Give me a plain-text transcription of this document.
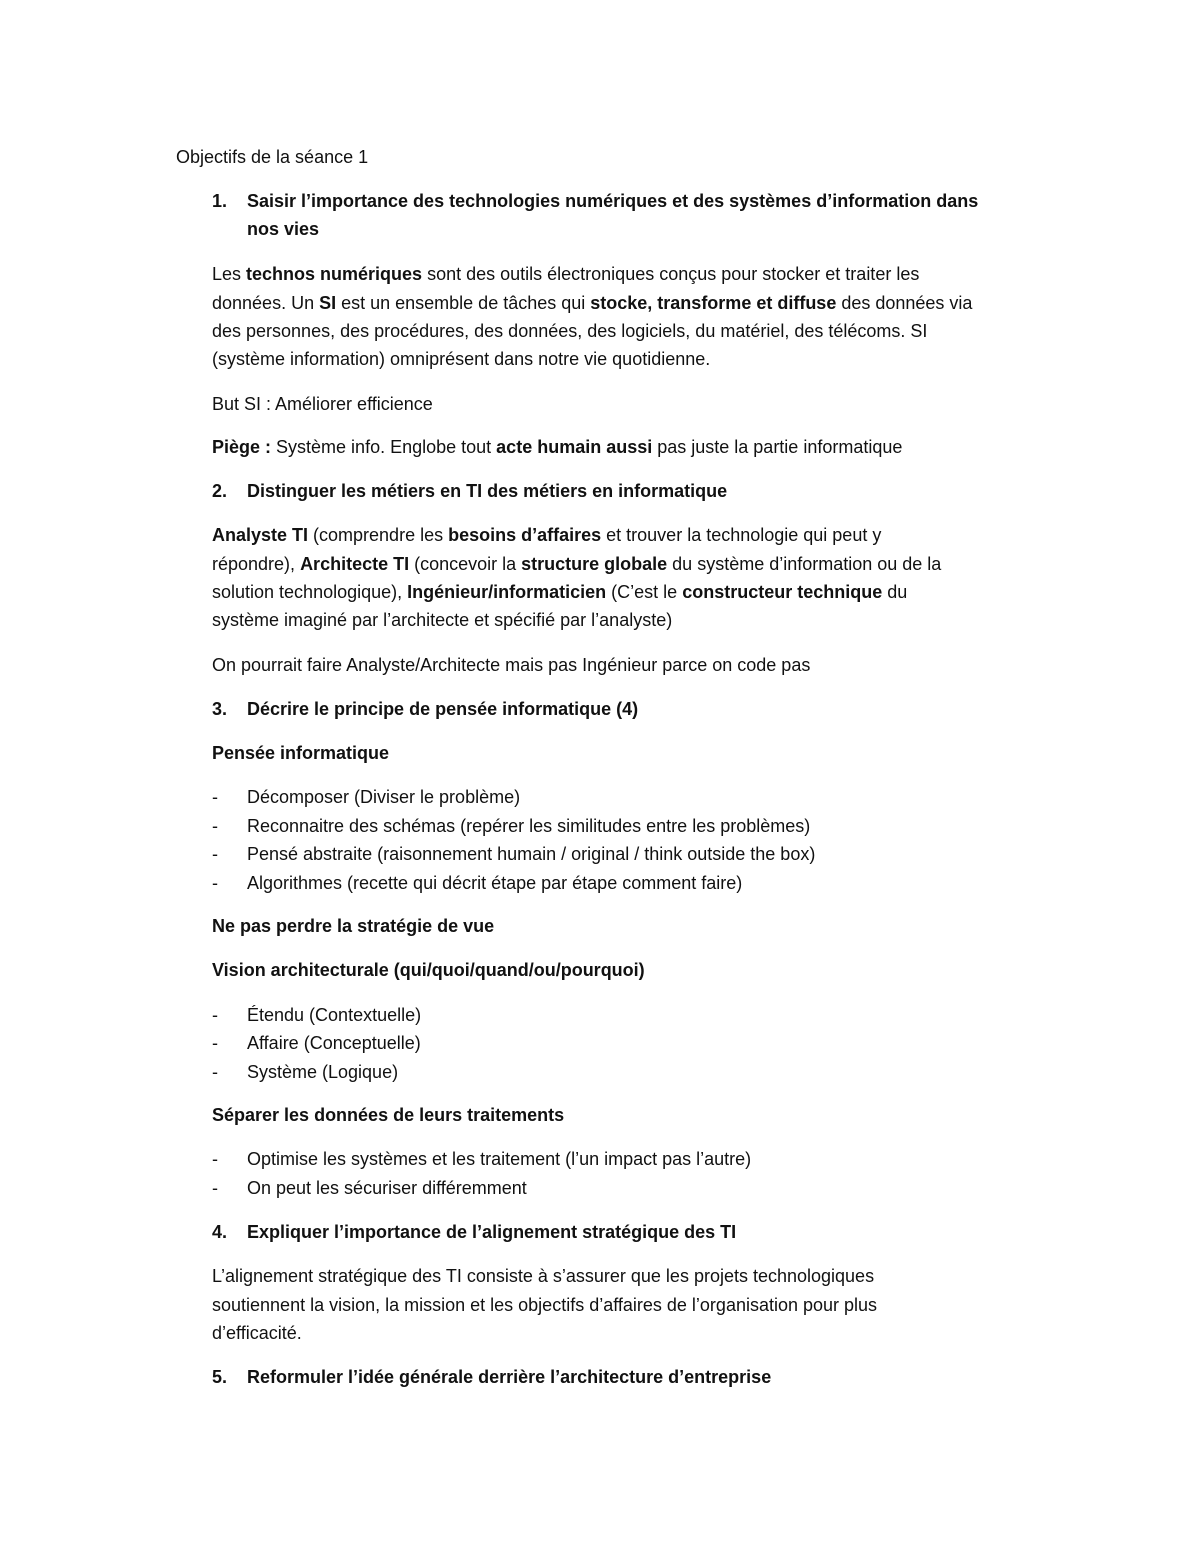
Objectifs de la séance 1
1. Saisir l’importance des technologies numériques et des systèmes d’information dans
nos vies
Les technos numériques sont des outils électroniques conçus pour stocker et traiter les
données. Un SI est un ensemble de tâches qui stocke, transforme et diffuse des données via
des personnes, des procédures, des données, des logiciels, du matériel, des télécoms. SI
(système information) omniprésent dans notre vie quotidienne.
But SI : Améliorer efficience
Piège : Système info. Englobe tout acte humain aussi pas juste la partie informatique
2. Distinguer les métiers en TI des métiers en informatique
Analyste TI (comprendre les besoins d’affaires et trouver la technologie qui peut y
répondre), Architecte TI (concevoir la structure globale du système d’information ou de la
solution technologique), Ingénieur/informaticien (C’est le constructeur technique du
système imaginé par l’architecte et spécifié par l’analyste)
On pourrait faire Analyste/Architecte mais pas Ingénieur parce on code pas
3. Décrire le principe de pensée informatique (4)
Pensée informatique
- Décomposer (Diviser le problème)
- Reconnaitre des schémas (repérer les similitudes entre les problèmes)
- Pensé abstraite (raisonnement humain / original / think outside the box)
- Algorithmes (recette qui décrit étape par étape comment faire)
Ne pas perdre la stratégie de vue
Vision architecturale (qui/quoi/quand/ou/pourquoi)
- Étendu (Contextuelle)
- Affaire (Conceptuelle)
- Système (Logique)
Séparer les données de leurs traitements
- Optimise les systèmes et les traitement (l’un impact pas l’autre)
- On peut les sécuriser différemment
4. Expliquer l’importance de l’alignement stratégique des TI
L’alignement stratégique des TI consiste à s’assurer que les projets technologiques
soutiennent la vision, la mission et les objectifs d’affaires de l’organisation pour plus
d’efficacité.
5. Reformuler l’idée générale derrière l’architecture d’entreprise
